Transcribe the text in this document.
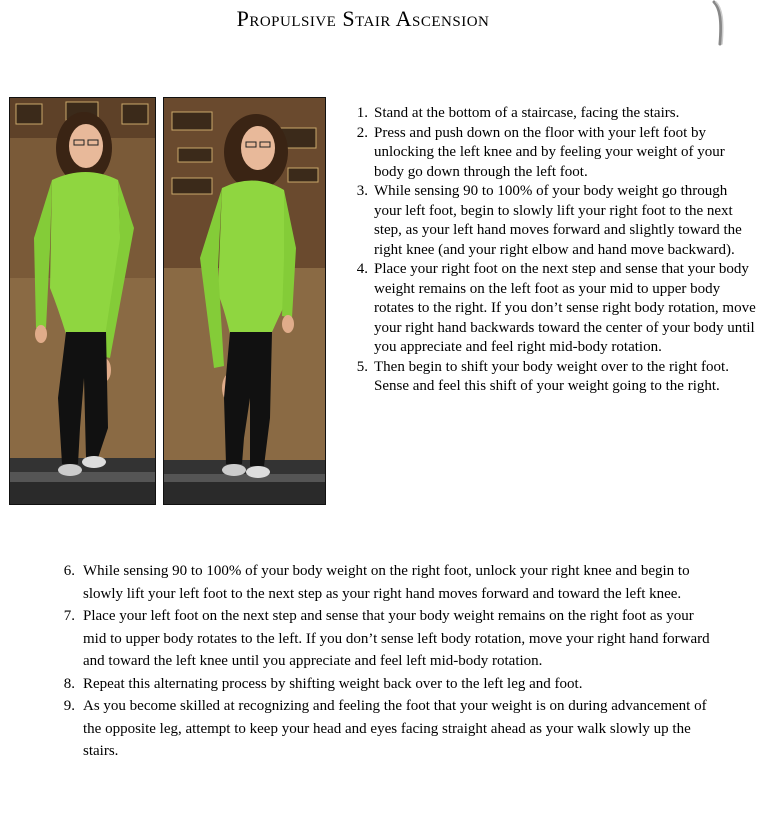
Propulsive Stair Ascension
1. Stand at the bottom of a staircase, facing the stairs.
2. Press and push down on the floor with your left foot by unlocking the left knee and by feeling your weight of your body go down through the left foot.
3. While sensing 90 to 100% of your body weight go through your left foot, begin to slowly lift your right foot to the next step, as your left hand moves forward and slightly toward the right knee (and your right elbow and hand move backward).
4. Place your right foot on the next step and sense that your body weight remains on the left foot as your mid to upper body rotates to the right. If you don’t sense right body rotation, move your right hand backwards toward the center of your body until you appreciate and feel right mid-body rotation.
5. Then begin to shift your body weight over to the right foot. Sense and feel this shift of your weight going to the right.
6. While sensing 90 to 100% of your body weight on the right foot, unlock your right knee and begin to slowly lift your left foot to the next step as your right hand moves forward and toward the left knee.
7. Place your left foot on the next step and sense that your body weight remains on the right foot as your mid to upper body rotates to the left. If you don’t sense left body rotation, move your right hand forward and toward the left knee until you appreciate and feel left mid-body rotation.
8. Repeat this alternating process by shifting weight back over to the left leg and foot.
9. As you become skilled at recognizing and feeling the foot that your weight is on during advancement of the opposite leg, attempt to keep your head and eyes facing straight ahead as your walk slowly up the stairs.
